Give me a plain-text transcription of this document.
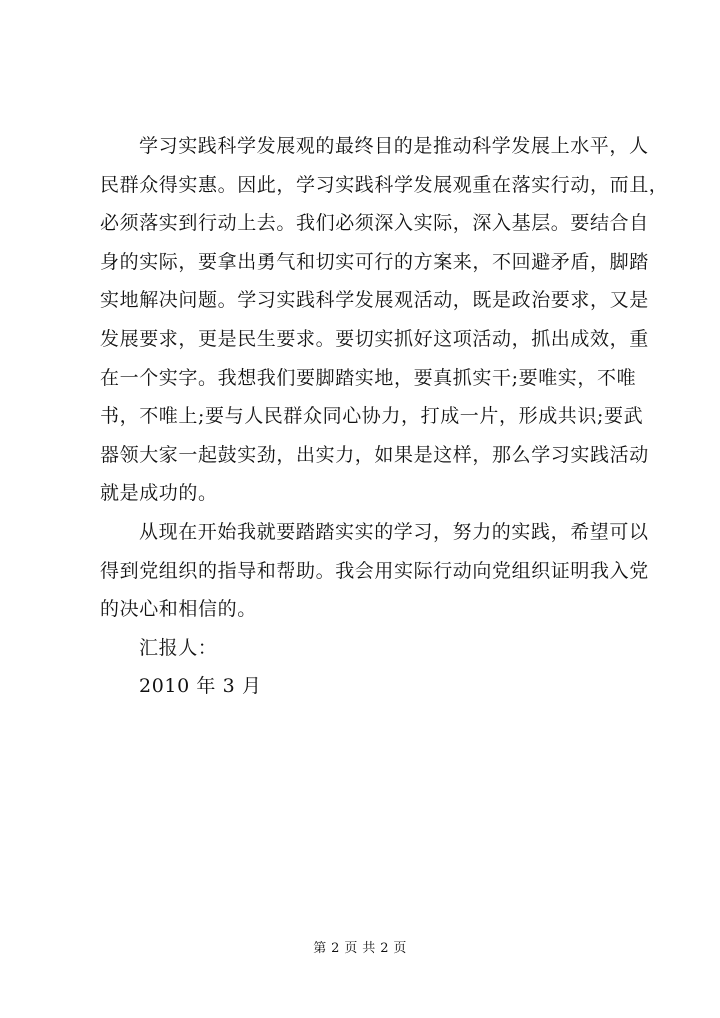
学习实践科学发展观的最终目的是推动科学发展上水平，人
民群众得实惠。因此，学习实践科学发展观重在落实行动，而且，
必须落实到行动上去。我们必须深入实际，深入基层。要结合自
身的实际，要拿出勇气和切实可行的方案来，不回避矛盾，脚踏
实地解决问题。学习实践科学发展观活动，既是政治要求，又是
发展要求，更是民生要求。要切实抓好这项活动，抓出成效，重
在一个实字。我想我们要脚踏实地，要真抓实干;要唯实，不唯
书，不唯上;要与人民群众同心协力，打成一片，形成共识;要武
器领大家一起鼓实劲，出实力，如果是这样，那么学习实践活动
就是成功的。
从现在开始我就要踏踏实实的学习，努力的实践，希望可以
得到党组织的指导和帮助。我会用实际行动向党组织证明我入党
的决心和相信的。
汇报人：
2010 年 3 月
第 2 页 共 2 页
